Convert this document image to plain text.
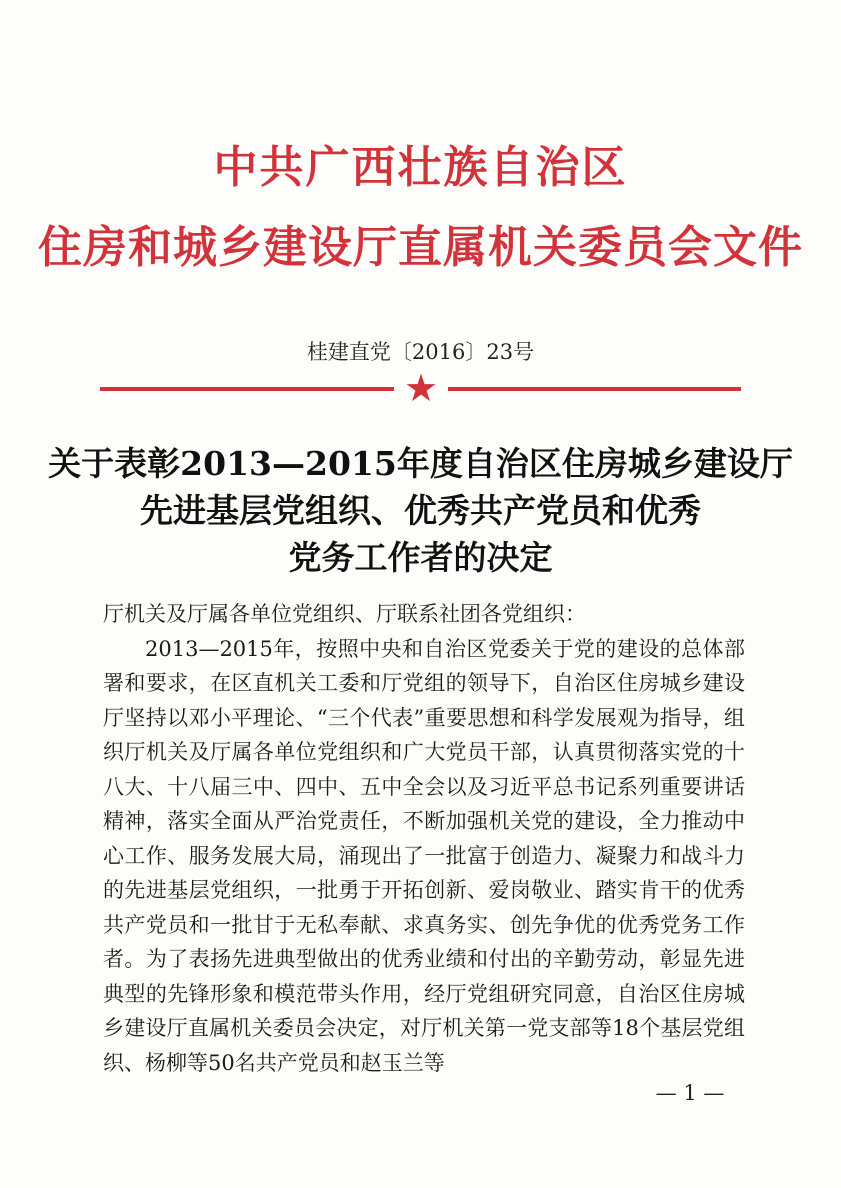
中共广西壮族自治区
住房和城乡建设厅直属机关委员会文件
桂建直党〔2016〕23号
★
关于表彰2013—2015年度自治区住房城乡建设厅
先进基层党组织、优秀共产党员和优秀
党务工作者的决定

厅机关及厅属各单位党组织、厅联系社团各党组织：

2013—2015年，按照中央和自治区党委关于党的建设的总体部署和要求，在区直机关工委和厅党组的领导下，自治区住房城乡建设厅坚持以邓小平理论、“三个代表”重要思想和科学发展观为指导，组织厅机关及厅属各单位党组织和广大党员干部，认真贯彻落实党的十八大、十八届三中、四中、五中全会以及习近平总书记系列重要讲话精神，落实全面从严治党责任，不断加强机关党的建设，全力推动中心工作、服务发展大局，涌现出了一批富于创造力、凝聚力和战斗力的先进基层党组织，一批勇于开拓创新、爱岗敬业、踏实肯干的优秀共产党员和一批甘于无私奉献、求真务实、创先争优的优秀党务工作者。为了表扬先进典型做出的优秀业绩和付出的辛勤劳动，彰显先进典型的先锋形象和模范带头作用，经厅党组研究同意，自治区住房城乡建设厅直属机关委员会决定，对厅机关第一党支部等18个基层党组织、杨柳等50名共产党员和赵玉兰等

— 1 —
